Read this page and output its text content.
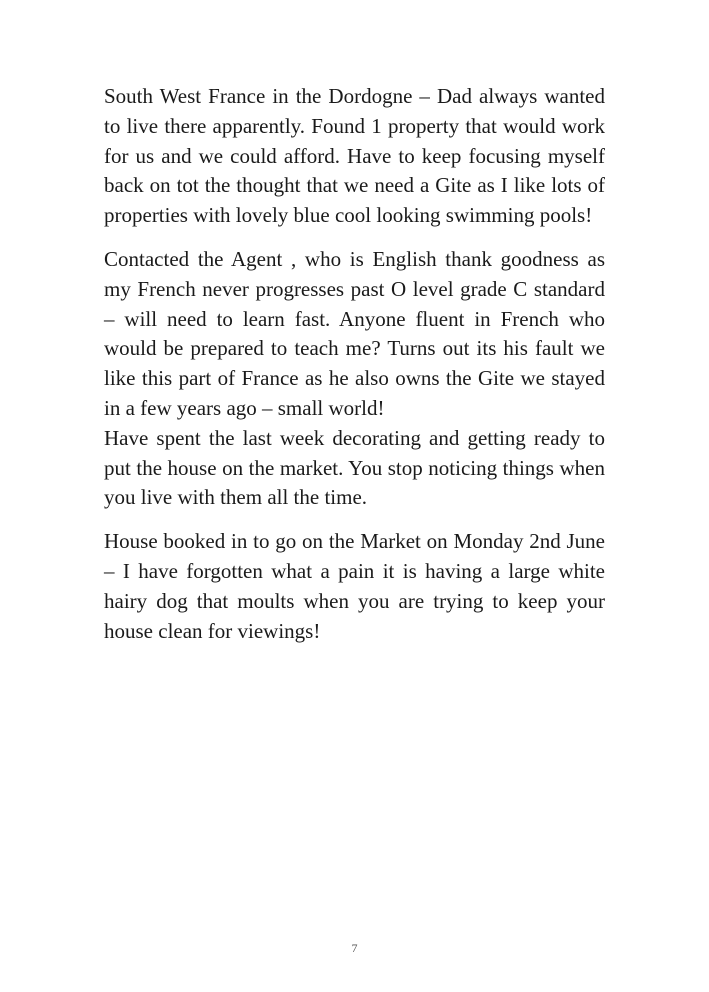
South West France in the Dordogne – Dad always wanted to live there apparently. Found 1 property that would work for us and we could afford. Have to keep focusing myself back on tot the thought that we need a Gite as I like lots of properties with lovely blue cool looking swimming pools!

Contacted the Agent , who is English thank goodness as my French never progresses past O level grade C standard – will need to learn fast. Anyone fluent in French who would be prepared to teach me? Turns out its his fault we like this part of France as he also owns the Gite we stayed in a few years ago – small world!

Have spent the last week decorating and getting ready to put the house on the market. You stop noticing things when you live with them all the time.

House booked in to go on the Market on Monday 2nd June – I have forgotten what a pain it is having a large white hairy dog that moults when you are trying to keep your house clean for viewings!

7
